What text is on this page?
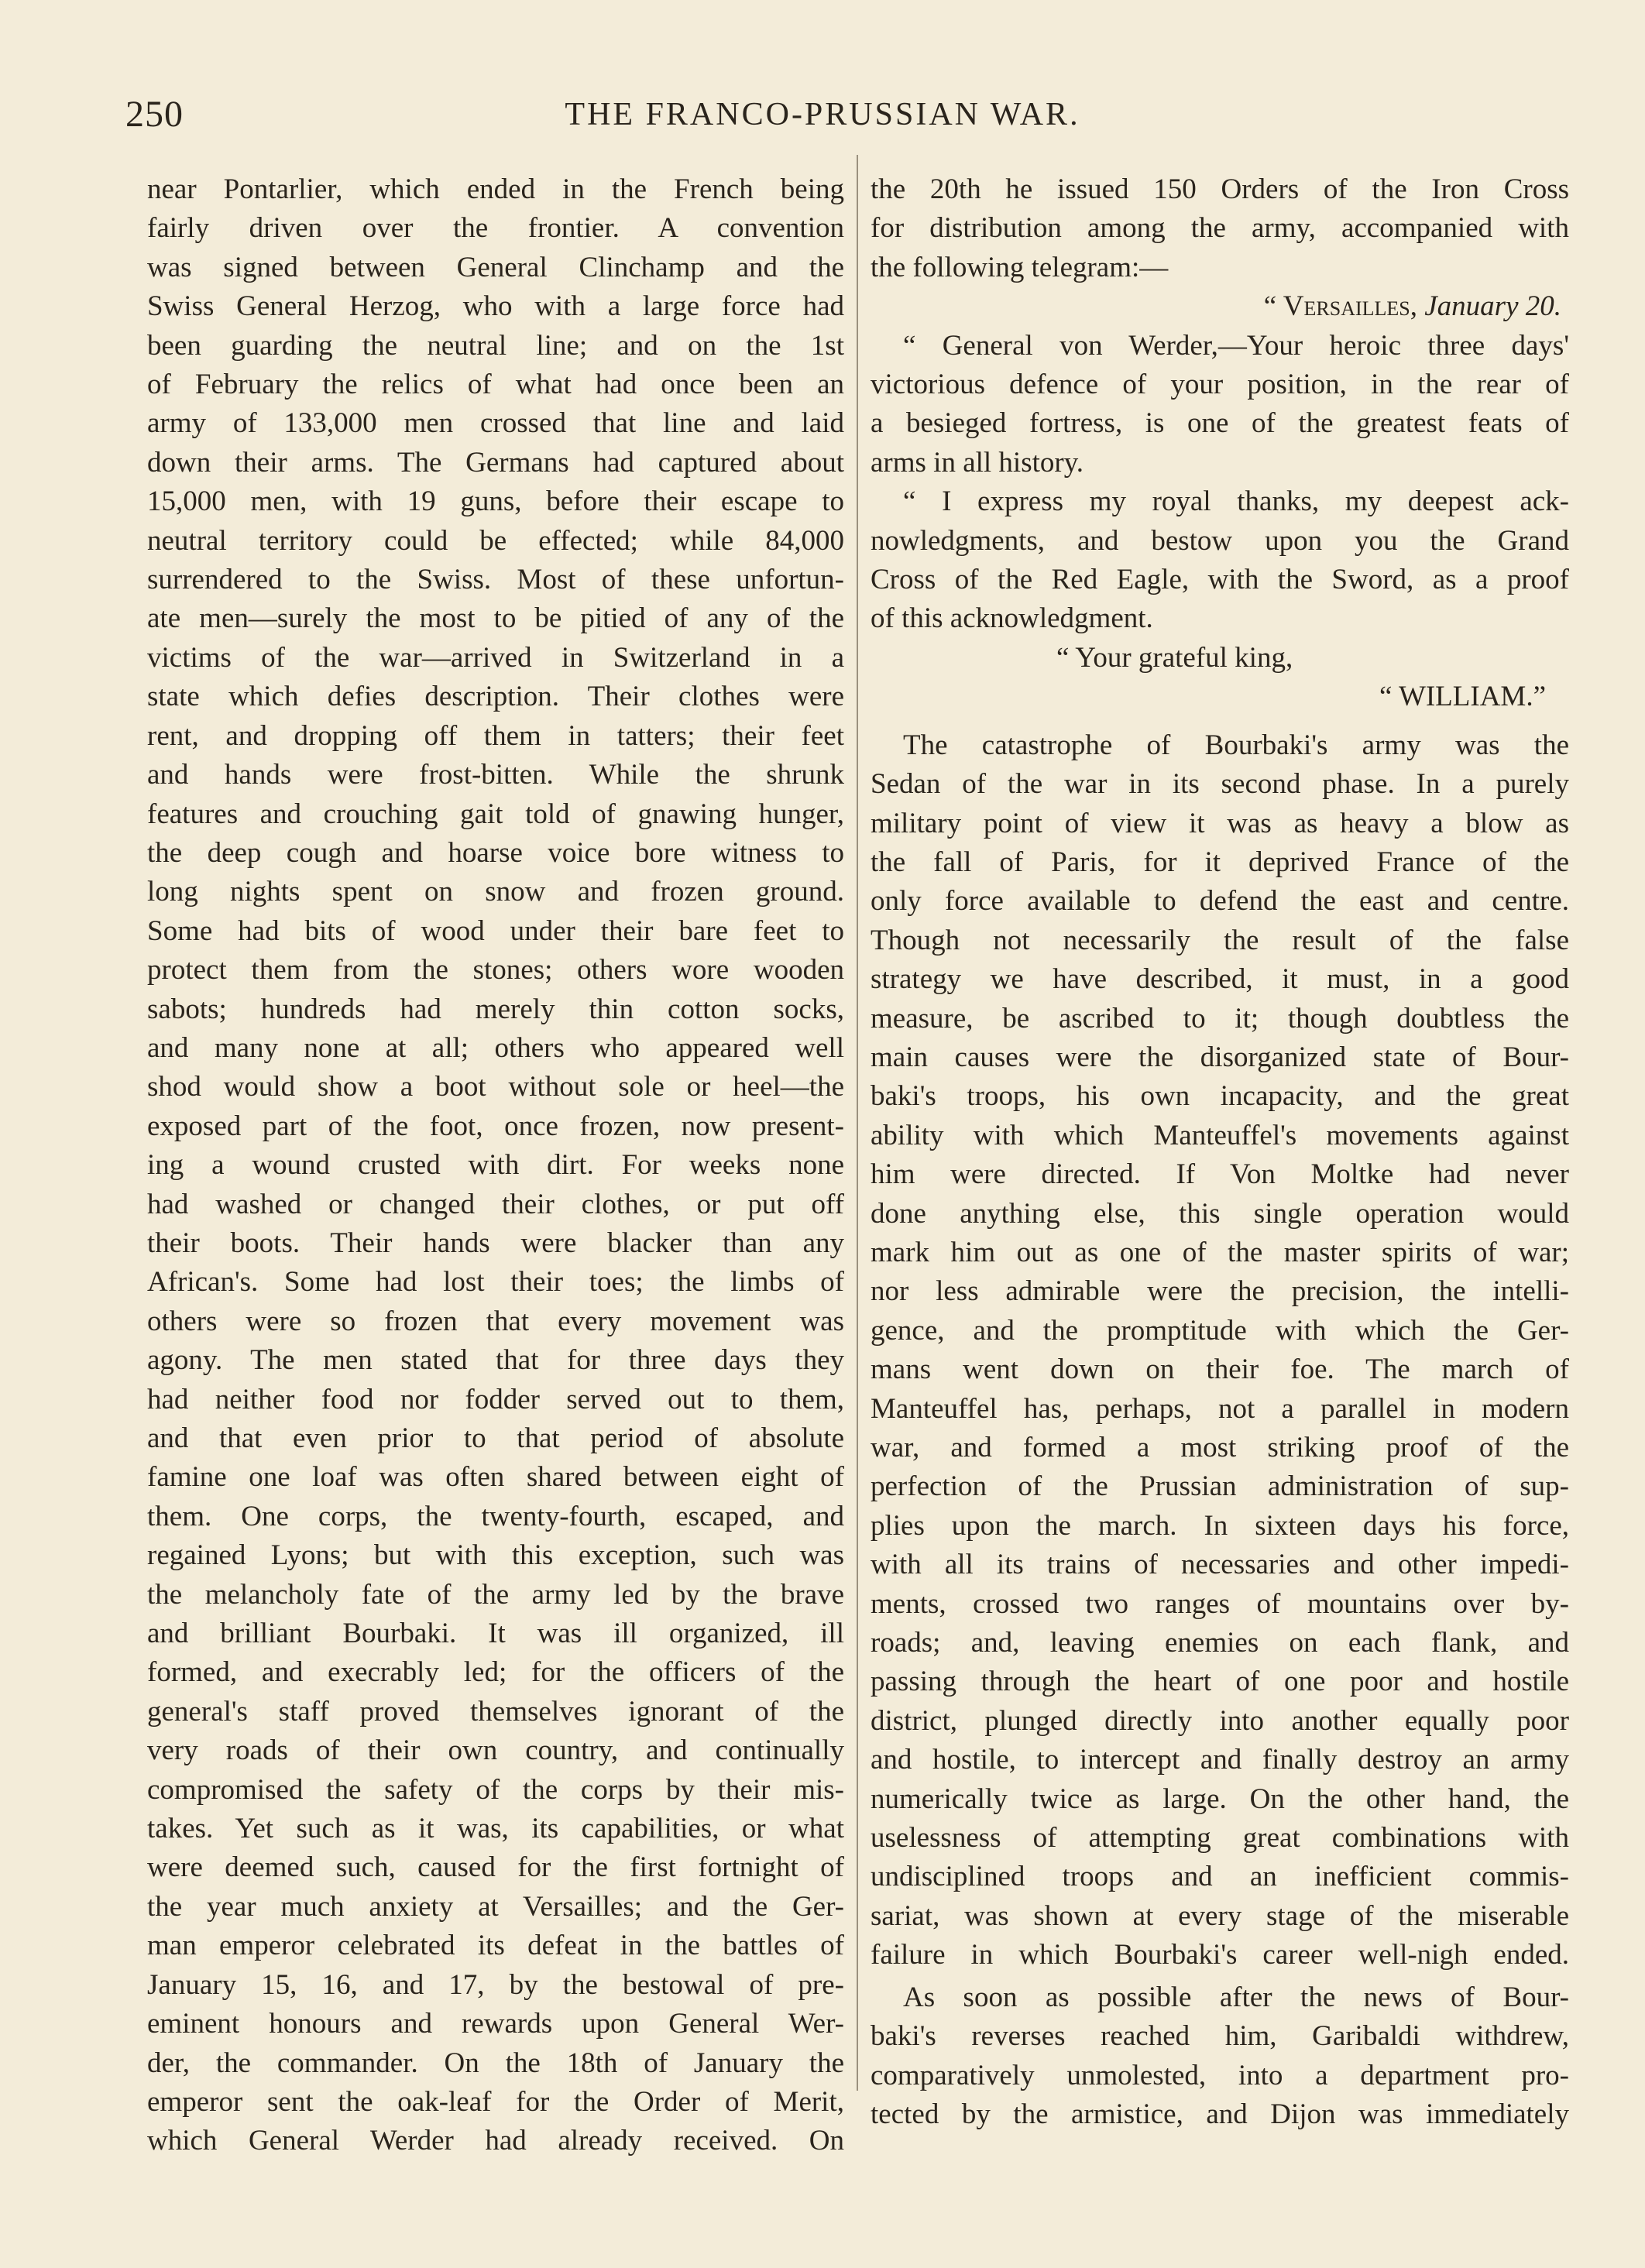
250	THE FRANCO-PRUSSIAN WAR.
near Pontarlier, which ended in the French being
fairly driven over the frontier. A convention
was signed between General Clinchamp and the
Swiss General Herzog, who with a large force had
been guarding the neutral line; and on the 1st
of February the relics of what had once been an
army of 133,000 men crossed that line and laid
down their arms. The Germans had captured about
15,000 men, with 19 guns, before their escape to
neutral territory could be effected; while 84,000
surrendered to the Swiss. Most of these unfortun-
ate men—surely the most to be pitied of any of the
victims of the war—arrived in Switzerland in a
state which defies description. Their clothes were
rent, and dropping off them in tatters; their feet
and hands were frost-bitten. While the shrunk
features and crouching gait told of gnawing hunger,
the deep cough and hoarse voice bore witness to
long nights spent on snow and frozen ground.
Some had bits of wood under their bare feet to
protect them from the stones; others wore wooden
sabots; hundreds had merely thin cotton socks,
and many none at all; others who appeared well
shod would show a boot without sole or heel—the
exposed part of the foot, once frozen, now present-
ing a wound crusted with dirt. For weeks none
had washed or changed their clothes, or put off
their boots. Their hands were blacker than any
African's. Some had lost their toes; the limbs of
others were so frozen that every movement was
agony. The men stated that for three days they
had neither food nor fodder served out to them,
and that even prior to that period of absolute
famine one loaf was often shared between eight of
them. One corps, the twenty-fourth, escaped, and
regained Lyons; but with this exception, such was
the melancholy fate of the army led by the brave
and brilliant Bourbaki. It was ill organized, ill
formed, and execrably led; for the officers of the
general's staff proved themselves ignorant of the
very roads of their own country, and continually
compromised the safety of the corps by their mis-
takes. Yet such as it was, its capabilities, or what
were deemed such, caused for the first fortnight of
the year much anxiety at Versailles; and the Ger-
man emperor celebrated its defeat in the battles of
January 15, 16, and 17, by the bestowal of pre-
eminent honours and rewards upon General Wer-
der, the commander. On the 18th of January the
emperor sent the oak-leaf for the Order of Merit,
which General Werder had already received. On
the 20th he issued 150 Orders of the Iron Cross
for distribution among the army, accompanied with
the following telegram:—
“ Versailles, January 20.
“ General von Werder,—Your heroic three days'
victorious defence of your position, in the rear of
a besieged fortress, is one of the greatest feats of
arms in all history.
“ I express my royal thanks, my deepest ack-
nowledgments, and bestow upon you the Grand
Cross of the Red Eagle, with the Sword, as a proof
of this acknowledgment.
“ Your grateful king,
“ WILLIAM.”
The catastrophe of Bourbaki's army was the
Sedan of the war in its second phase. In a purely
military point of view it was as heavy a blow as
the fall of Paris, for it deprived France of the
only force available to defend the east and centre.
Though not necessarily the result of the false
strategy we have described, it must, in a good
measure, be ascribed to it; though doubtless the
main causes were the disorganized state of Bour-
baki's troops, his own incapacity, and the great
ability with which Manteuffel's movements against
him were directed. If Von Moltke had never
done anything else, this single operation would
mark him out as one of the master spirits of war;
nor less admirable were the precision, the intelli-
gence, and the promptitude with which the Ger-
mans went down on their foe. The march of
Manteuffel has, perhaps, not a parallel in modern
war, and formed a most striking proof of the
perfection of the Prussian administration of sup-
plies upon the march. In sixteen days his force,
with all its trains of necessaries and other impedi-
ments, crossed two ranges of mountains over by-
roads; and, leaving enemies on each flank, and
passing through the heart of one poor and hostile
district, plunged directly into another equally poor
and hostile, to intercept and finally destroy an army
numerically twice as large. On the other hand, the
uselessness of attempting great combinations with
undisciplined troops and an inefficient commis-
sariat, was shown at every stage of the miserable
failure in which Bourbaki's career well-nigh ended.
As soon as possible after the news of Bour-
baki's reverses reached him, Garibaldi withdrew,
comparatively unmolested, into a department pro-
tected by the armistice, and Dijon was immediately
